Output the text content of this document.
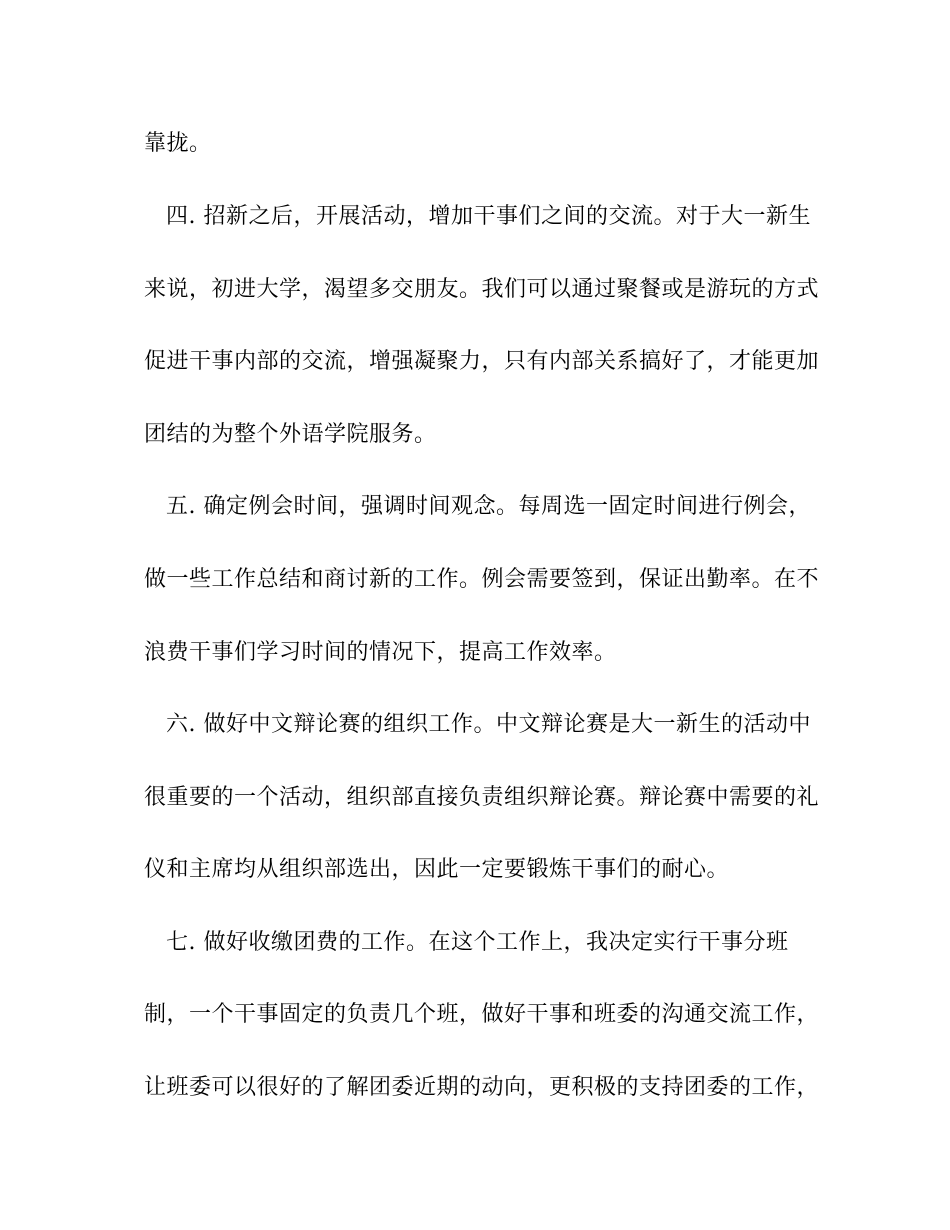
靠拢。
四. 招新之后，开展活动，增加干事们之间的交流。对于大一新生
来说，初进大学，渴望多交朋友。我们可以通过聚餐或是游玩的方式
促进干事内部的交流，增强凝聚力，只有内部关系搞好了，才能更加
团结的为整个外语学院服务。
五. 确定例会时间，强调时间观念。每周选一固定时间进行例会，
做一些工作总结和商讨新的工作。例会需要签到，保证出勤率。在不
浪费干事们学习时间的情况下，提高工作效率。
六. 做好中文辩论赛的组织工作。中文辩论赛是大一新生的活动中
很重要的一个活动，组织部直接负责组织辩论赛。辩论赛中需要的礼
仪和主席均从组织部选出，因此一定要锻炼干事们的耐心。
七. 做好收缴团费的工作。在这个工作上，我决定实行干事分班
制，一个干事固定的负责几个班，做好干事和班委的沟通交流工作，
让班委可以很好的了解团委近期的动向，更积极的支持团委的工作，
